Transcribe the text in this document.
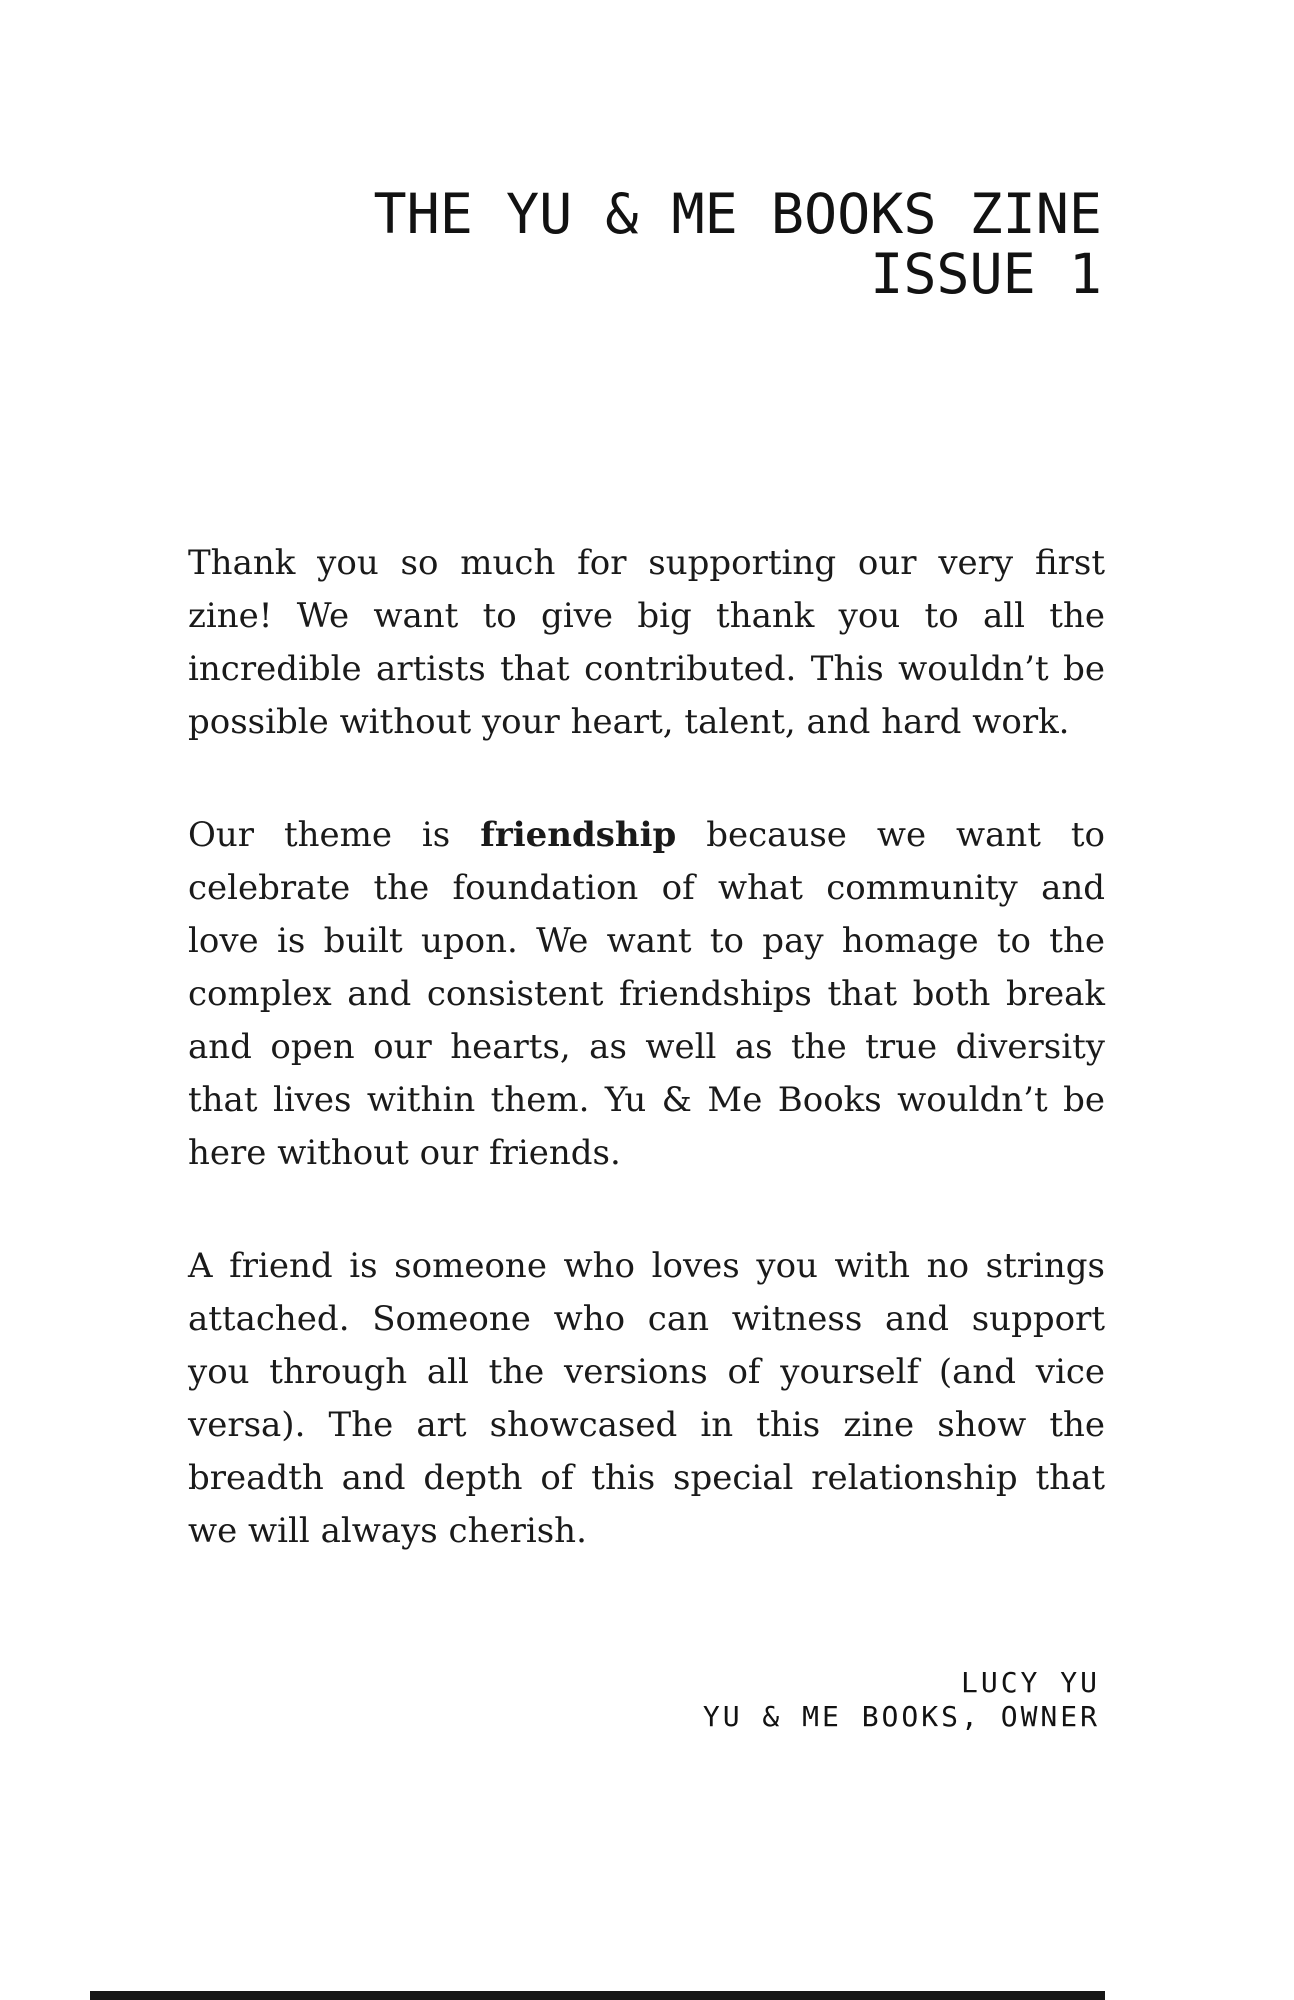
THE YU & ME BOOKS ZINE
ISSUE 1
Thank you so much for supporting our very first
zine! We want to give big thank you to all the
incredible artists that contributed. This wouldn’t be
possible without your heart, talent, and hard work.
Our theme is friendship because we want to
celebrate the foundation of what community and
love is built upon. We want to pay homage to the
complex and consistent friendships that both break
and open our hearts, as well as the true diversity
that lives within them. Yu & Me Books wouldn’t be
here without our friends.
A friend is someone who loves you with no strings
attached. Someone who can witness and support
you through all the versions of yourself (and vice
versa). The art showcased in this zine show the
breadth and depth of this special relationship that
we will always cherish.
LUCY YU
YU & ME BOOKS, OWNER
